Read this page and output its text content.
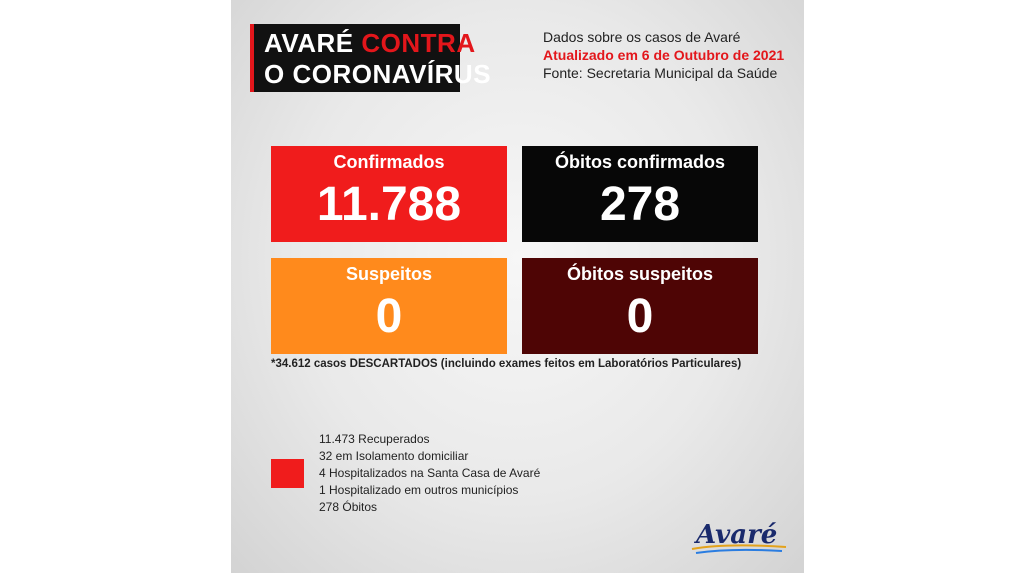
AVARÉ CONTRA
O CORONAVÍRUS
Dados sobre os casos de Avaré
Atualizado em 6 de Outubro de 2021
Fonte: Secretaria Municipal da Saúde
Confirmados
11.788
Óbitos confirmados
278
Suspeitos
0
Óbitos suspeitos
0
*34.612 casos DESCARTADOS (incluindo exames feitos em Laboratórios Particulares)
11.473 Recuperados
32 em Isolamento domiciliar
4 Hospitalizados na Santa Casa de Avaré
1 Hospitalizado em outros municípios
278 Óbitos
Avaré
